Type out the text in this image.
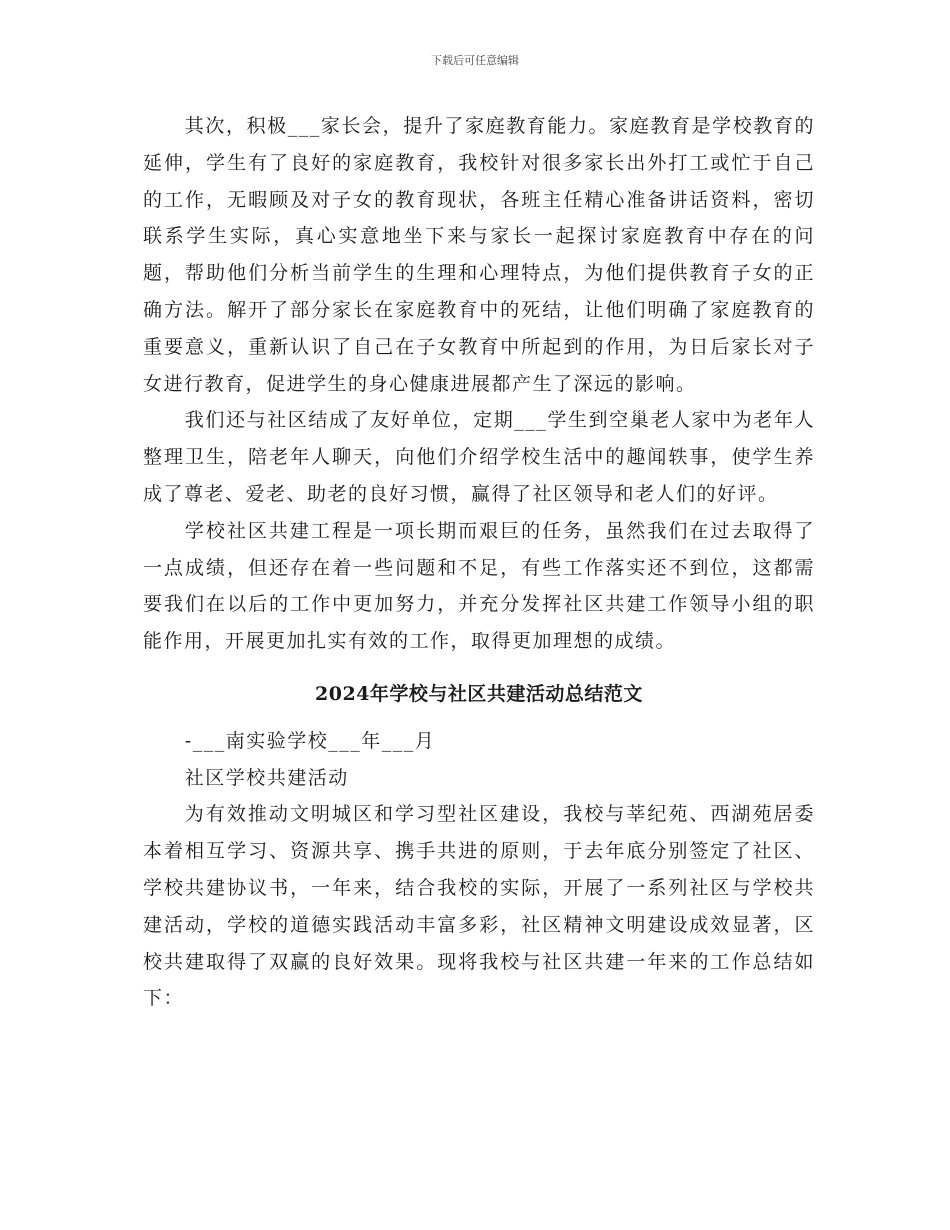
下载后可任意编辑

其次，积极___家长会，提升了家庭教育能力。家庭教育是学校教育的延伸，学生有了良好的家庭教育，我校针对很多家长出外打工或忙于自己的工作，无暇顾及对子女的教育现状，各班主任精心准备讲话资料，密切联系学生实际，真心实意地坐下来与家长一起探讨家庭教育中存在的问题，帮助他们分析当前学生的生理和心理特点，为他们提供教育子女的正确方法。解开了部分家长在家庭教育中的死结，让他们明确了家庭教育的重要意义，重新认识了自己在子女教育中所起到的作用，为日后家长对子女进行教育，促进学生的身心健康进展都产生了深远的影响。

我们还与社区结成了友好单位，定期___学生到空巢老人家中为老年人整理卫生，陪老年人聊天，向他们介绍学校生活中的趣闻轶事，使学生养成了尊老、爱老、助老的良好习惯，赢得了社区领导和老人们的好评。

学校社区共建工程是一项长期而艰巨的任务，虽然我们在过去取得了一点成绩，但还存在着一些问题和不足，有些工作落实还不到位，这都需要我们在以后的工作中更加努力，并充分发挥社区共建工作领导小组的职能作用，开展更加扎实有效的工作，取得更加理想的成绩。

2024年学校与社区共建活动总结范文

-___南实验学校___年___月

社区学校共建活动

为有效推动文明城区和学习型社区建设，我校与莘纪苑、西湖苑居委本着相互学习、资源共享、携手共进的原则，于去年底分别签定了社区、学校共建协议书，一年来，结合我校的实际，开展了一系列社区与学校共建活动，学校的道德实践活动丰富多彩，社区精神文明建设成效显著，区校共建取得了双赢的良好效果。现将我校与社区共建一年来的工作总结如下：
